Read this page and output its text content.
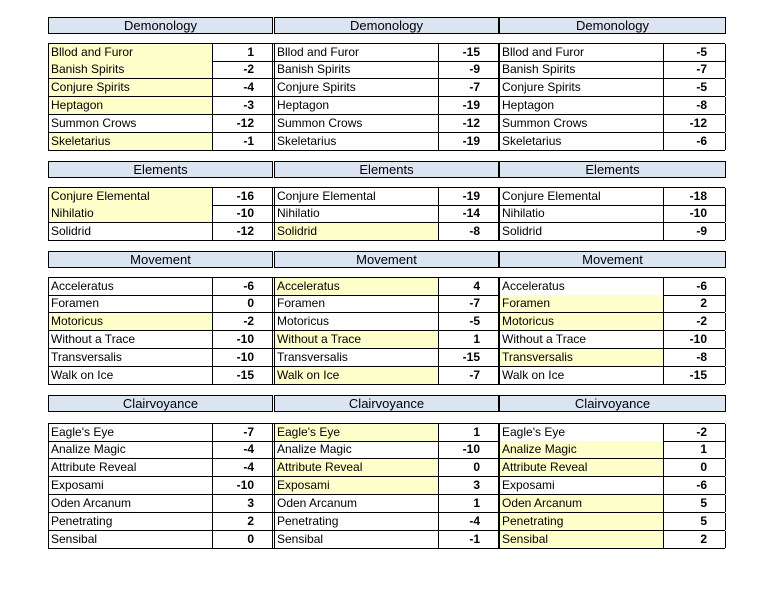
Demonology
Bllod and Furor	1
Banish Spirits	-2
Conjure Spirits	-4
Heptagon	-3
Summon Crows	-12
Skeletarius	-1
Demonology
Bllod and Furor	-15
Banish Spirits	-9
Conjure Spirits	-7
Heptagon	-19
Summon Crows	-12
Skeletarius	-19
Demonology
Bllod and Furor	-5
Banish Spirits	-7
Conjure Spirits	-5
Heptagon	-8
Summon Crows	-12
Skeletarius	-6
Elements
Conjure Elemental	-16
Nihilatio	-10
Solidrid	-12
Elements
Conjure Elemental	-19
Nihilatio	-14
Solidrid	-8
Elements
Conjure Elemental	-18
Nihilatio	-10
Solidrid	-9
Movement
Acceleratus	-6
Foramen	0
Motoricus	-2
Without a Trace	-10
Transversalis	-10
Walk on Ice	-15
Movement
Acceleratus	4
Foramen	-7
Motoricus	-5
Without a Trace	1
Transversalis	-15
Walk on Ice	-7
Movement
Acceleratus	-6
Foramen	2
Motoricus	-2
Without a Trace	-10
Transversalis	-8
Walk on Ice	-15
Clairvoyance
Eagle's Eye	-7
Analize Magic	-4
Attribute Reveal	-4
Exposami	-10
Oden Arcanum	3
Penetrating	2
Sensibal	0
Clairvoyance
Eagle's Eye	1
Analize Magic	-10
Attribute Reveal	0
Exposami	3
Oden Arcanum	1
Penetrating	-4
Sensibal	-1
Clairvoyance
Eagle's Eye	-2
Analize Magic	1
Attribute Reveal	0
Exposami	-6
Oden Arcanum	5
Penetrating	5
Sensibal	2
